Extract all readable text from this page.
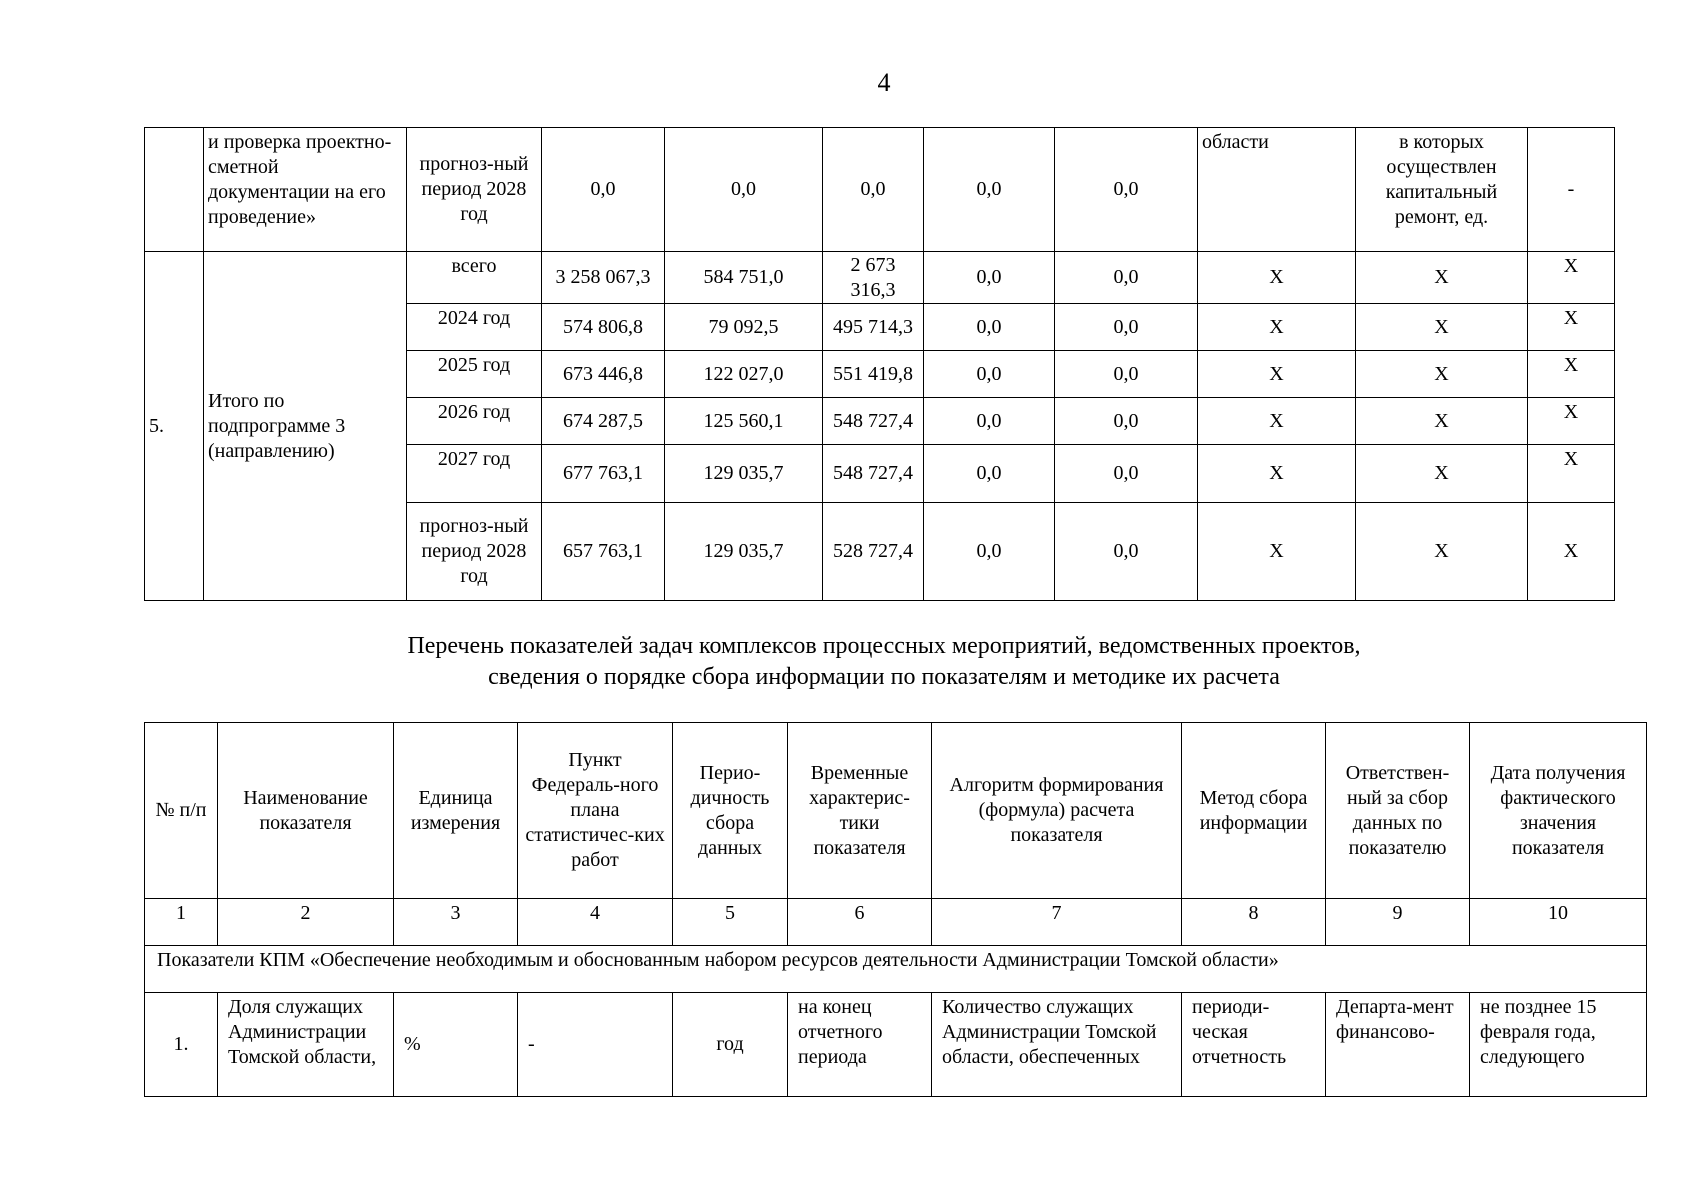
4
	и проверка проектно-сметной документации на его проведение»	прогноз-ный период 2028 год	0,0	0,0	0,0	0,0	0,0	области	в которых осуществлен капитальный ремонт, ед.	-
5.	Итого по подпрограмме 3 (направлению)	всего	3 258 067,3	584 751,0	2 673 316,3	0,0	0,0	X	X	X
		2024 год	574 806,8	79 092,5	495 714,3	0,0	0,0	X	X	X
		2025 год	673 446,8	122 027,0	551 419,8	0,0	0,0	X	X	X
		2026 год	674 287,5	125 560,1	548 727,4	0,0	0,0	X	X	X
		2027 год	677 763,1	129 035,7	548 727,4	0,0	0,0	X	X	X
		прогноз-ный период 2028 год	657 763,1	129 035,7	528 727,4	0,0	0,0	X	X	X
Перечень показателей задач комплексов процессных мероприятий, ведомственных проектов,
сведения о порядке сбора информации по показателям и методике их расчета
№ п/п	Наименование показателя	Единица измерения	Пункт Федераль-ного плана статистичес-ких работ	Перио-дичность сбора данных	Временные характерис-тики показателя	Алгоритм формирования (формула) расчета показателя	Метод сбора информации	Ответствен-ный за сбор данных по показателю	Дата получения фактического значения показателя
1	2	3	4	5	6	7	8	9	10
Показатели КПМ «Обеспечение необходимым и обоснованным набором ресурсов деятельности Администрации Томской области»									
1.	Доля служащих Администрации Томской области,	%	-	год	на конец отчетного периода	Количество служащих Администрации Томской области, обеспеченных	периоди-ческая отчетность	Департа-мент финансово-	не позднее 15 февраля года, следующего
